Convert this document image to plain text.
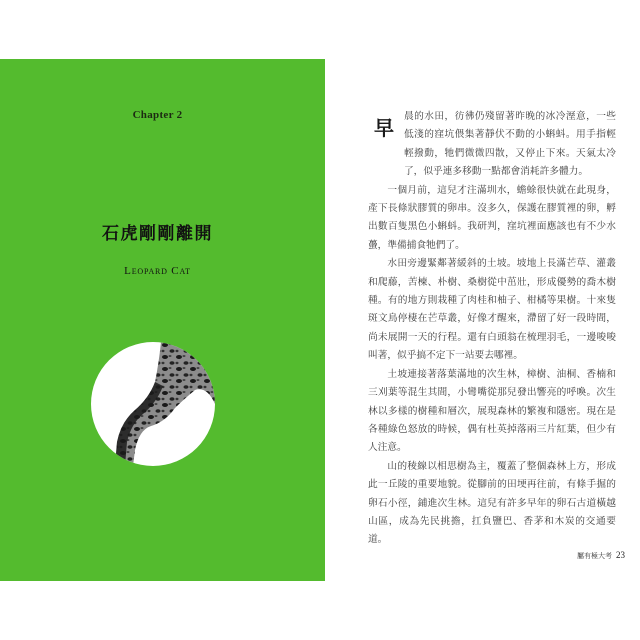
Chapter 2
石虎剛剛離開
Leopard Cat
早	晨的水田，彷彿仍殘留著昨晚的冰冷溼意，一些低淺的窪坑偎集著靜伏不動的小蝌蚪。用手指輕輕撥動，牠們微微四散，又停止下來。天氣太冷了，似乎連多移動一點都會消耗許多體力。

一個月前，這兒才注滿圳水，蟾蜍很快就在此現身，產下長條狀膠質的卵串。沒多久，保護在膠質裡的卵，孵出數百隻黑色小蝌蚪。我研判，窪坑裡面應該也有不少水蠆，準備捕食牠們了。

水田旁邊緊鄰著緩斜的土坡。坡地上長滿芒草、灌叢和爬藤，苦楝、朴樹、桑樹從中茁壯，形成優勢的喬木樹種。有的地方則栽種了肉桂和柚子、柑橘等果樹。十來隻斑文鳥停棲在芒草叢，好像才醒來，滯留了好一段時間，尚未展開一天的行程。還有白頭翁在梳理羽毛，一邊唆唆叫著，似乎搞不定下一站要去哪裡。

土坡連接著落葉滿地的次生林，樟樹、油桐、香楠和三刈葉等混生其間，小彎嘴從那兒發出響亮的呼喚。次生林以多樣的樹種和層次，展現森林的繁複和隱密。現在是各種綠色怒放的時候，偶有杜英掉落兩三片紅葉，但少有人注意。

山的稜線以相思樹為主，覆蓋了整個森林上方，形成此一丘陵的重要地貌。從腳前的田埂再往前，有條手掘的卵石小徑，鋪進次生林。這兒有許多早年的卵石古道橫越山區，成為先民挑擔，扛負鹽巴、香茅和木炭的交通要道。

屬有極大考 23
